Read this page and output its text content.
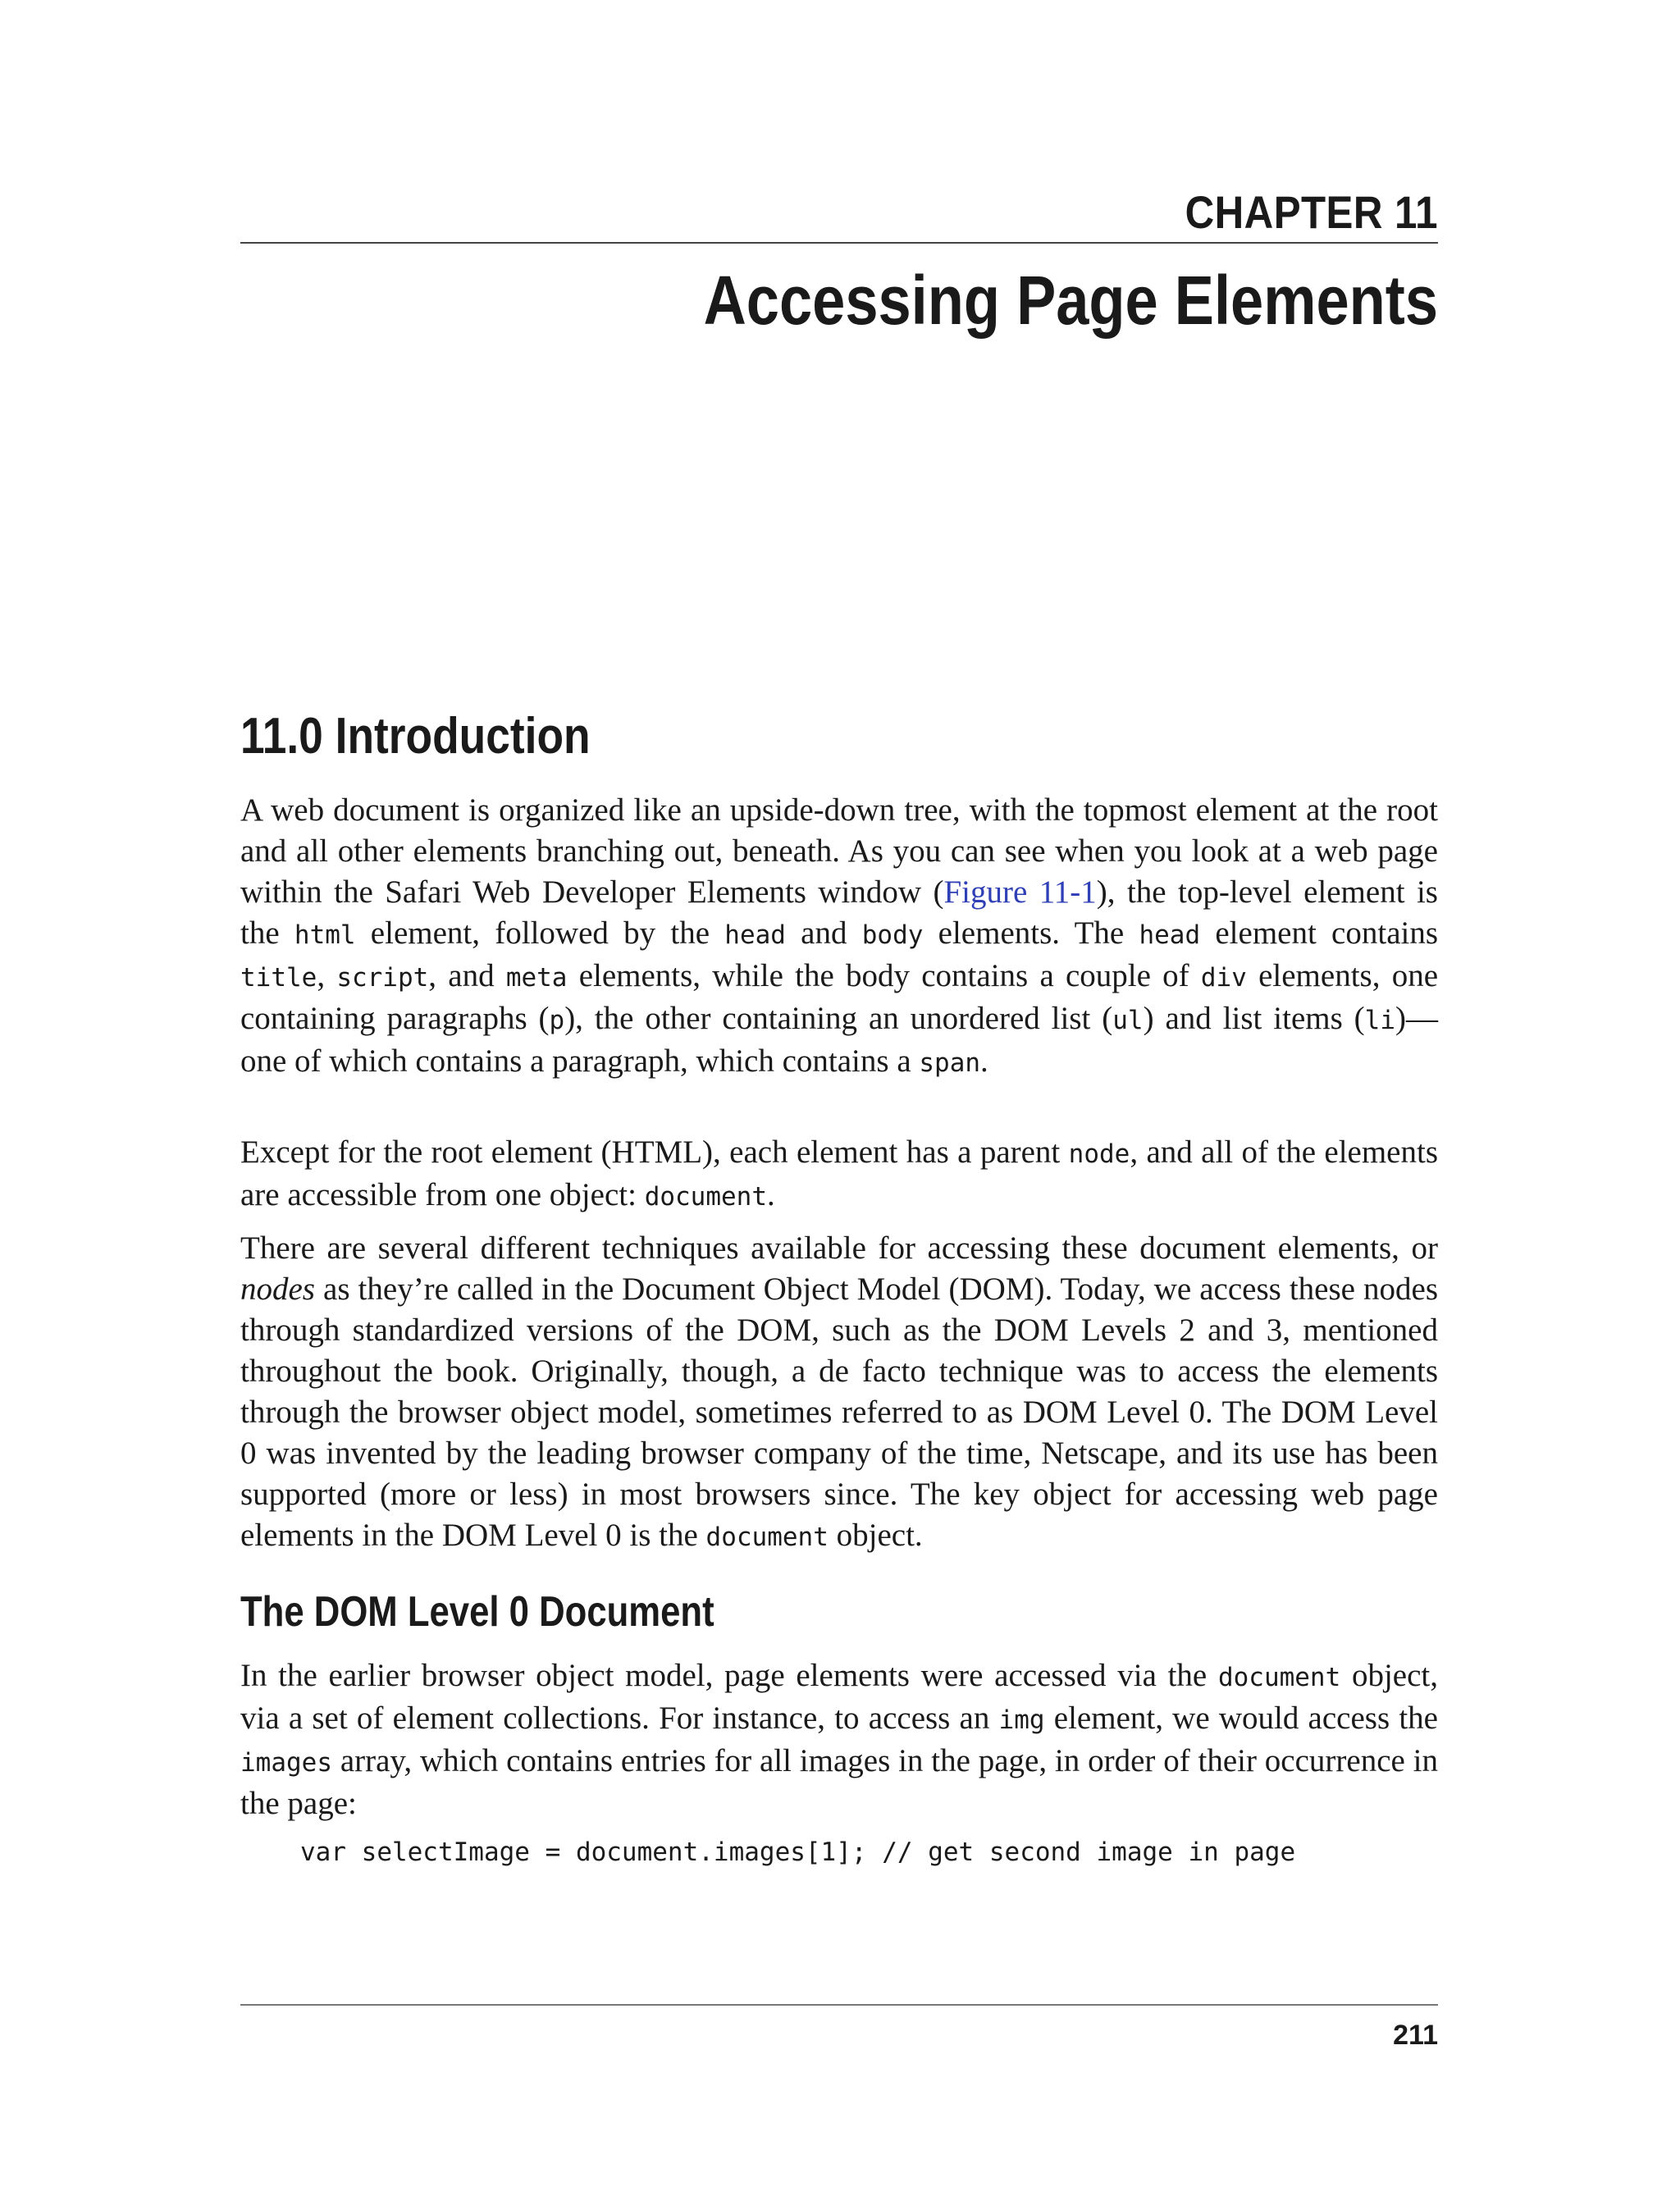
CHAPTER 11
Accessing Page Elements
11.0 Introduction

A web document is organized like an upside-down tree, with the topmost element at the root and all other elements branching out, beneath. As you can see when you look at a web page within the Safari Web Developer Elements window (Figure 11-1), the top-level element is the html element, followed by the head and body elements. The head element contains title, script, and meta elements, while the body contains a couple of div elements, one containing paragraphs (p), the other containing an unordered list (ul) and list items (li)—one of which contains a paragraph, which contains a span.

Except for the root element (HTML), each element has a parent node, and all of the elements are accessible from one object: document.

There are several different techniques available for accessing these document elements, or nodes as they’re called in the Document Object Model (DOM). Today, we access these nodes through standardized versions of the DOM, such as the DOM Levels 2 and 3, mentioned throughout the book. Originally, though, a de facto technique was to access the elements through the browser object model, sometimes referred to as DOM Level 0. The DOM Level 0 was invented by the leading browser company of the time, Netscape, and its use has been supported (more or less) in most browsers since. The key object for accessing web page elements in the DOM Level 0 is the document object.

The DOM Level 0 Document

In the earlier browser object model, page elements were accessed via the document object, via a set of element collections. For instance, to access an img element, we would access the images array, which contains entries for all images in the page, in order of their occurrence in the page:

var selectImage = document.images[1]; // get second image in page
211
